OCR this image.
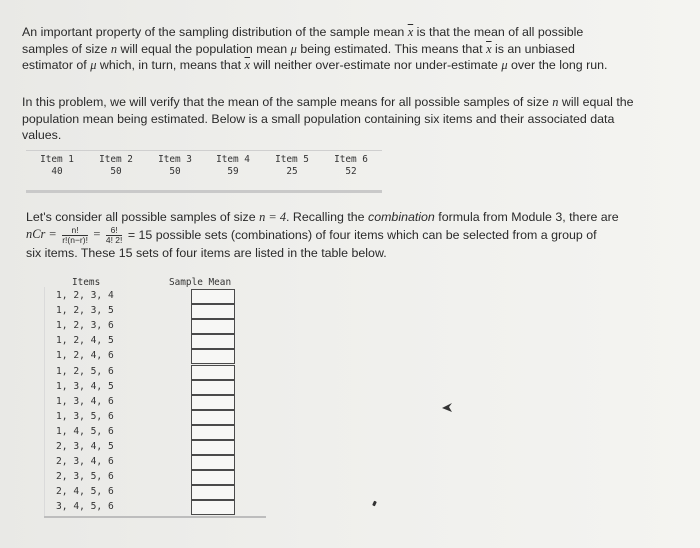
An important property of the sampling distribution of the sample mean $\overline{x}$ is that the mean of all possible
samples of size n will equal the population mean μ being estimated. This means that $\overline{x}$ is an unbiased
estimator of μ which, in turn, means that $\overline{x}$ will neither over-estimate nor under-estimate μ over the long run.
In this problem, we will verify that the mean of the sample means for all possible samples of size n will equal the
population mean being estimated. Below is a small population containing six items and their associated data
values.
Item 1
40
Item 2
50
Item 3
50
Item 4
59
Item 5
25
Item 6
52
Let's consider all possible samples of size n = 4. Recalling the combination formula from Module 3, there are
nCr = $\frac{n!}{r!(n-r)!} = \frac{6!}{4! 2!} = 15$ possible sets (combinations) of four items which can be selected from a group of
six items. These 15 sets of four items are listed in the table below.
Items	Sample Mean
1, 2, 3, 4
1, 2, 3, 5
1, 2, 3, 6
1, 2, 4, 5
1, 2, 4, 6
1, 2, 5, 6
1, 3, 4, 5
1, 3, 4, 6
1, 3, 5, 6
1, 4, 5, 6
2, 3, 4, 5
2, 3, 4, 6
2, 3, 5, 6
2, 4, 5, 6
3, 4, 5, 6
